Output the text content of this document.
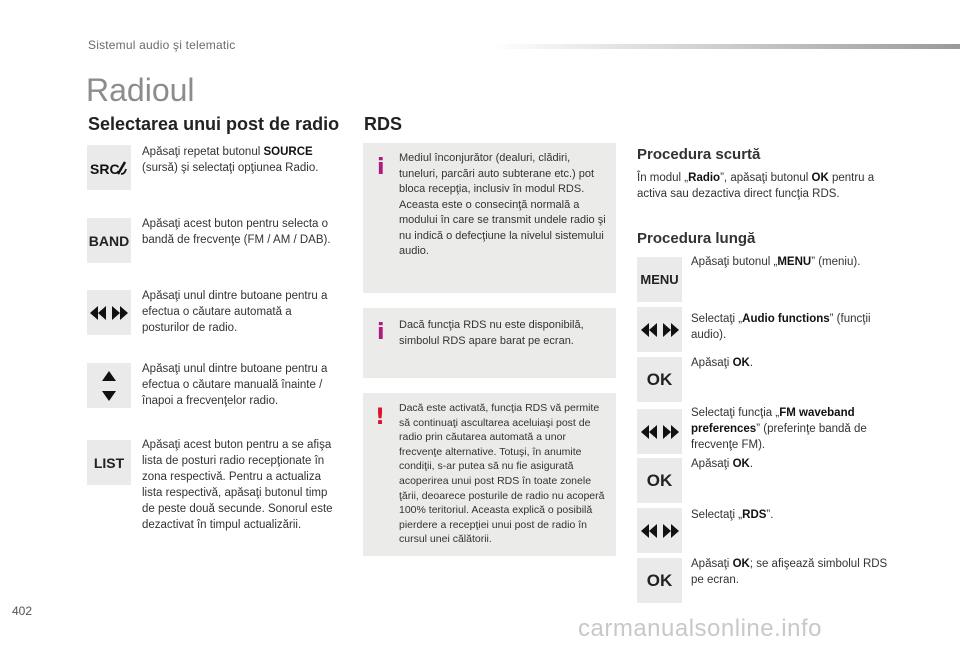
Sistemul audio şi telematic
Radioul
Selectarea unui post de radio
SRC
Apăsaţi repetat butonul SOURCE (sursă) şi selectaţi opţiunea Radio.
BAND
Apăsaţi acest buton pentru selecta o bandă de frecvenţe (FM / AM / DAB).
Apăsaţi unul dintre butoane pentru a efectua o căutare automată a posturilor de radio.
Apăsaţi unul dintre butoane pentru a efectua o căutare manuală înainte / înapoi a frecvenţelor radio.
LIST
Apăsaţi acest buton pentru a se afişa lista de posturi radio recepţionate în zona respectivă. Pentru a actualiza lista respectivă, apăsaţi butonul timp de peste două secunde. Sonorul este dezactivat în timpul actualizării.
RDS
i Mediul înconjurător (dealuri, clădiri, tuneluri, parcări auto subterane etc.) pot bloca recepţia, inclusiv în modul RDS. Aceasta este o consecinţă normală a modului în care se transmit undele radio şi nu indică o defecţiune la nivelul sistemului audio.
i Dacă funcţia RDS nu este disponibilă, simbolul RDS apare barat pe ecran.
! Dacă este activată, funcţia RDS vă permite să continuaţi ascultarea aceluiaşi post de radio prin căutarea automată a unor frecvenţe alternative. Totuşi, în anumite condiţii, s-ar putea să nu fie asigurată acoperirea unui post RDS în toate zonele ţării, deoarece posturile de radio nu acoperă 100% teritoriul. Aceasta explică o posibilă pierdere a recepţiei unui post de radio în cursul unei călătorii.
Procedura scurtă
În modul „Radio”, apăsaţi butonul OK pentru a activa sau dezactiva direct funcţia RDS.
Procedura lungă
MENU
Apăsaţi butonul „MENU” (meniu).
Selectaţi „Audio functions” (funcţii audio).
OK
Apăsaţi OK.
Selectaţi funcţia „FM waveband preferences” (preferinţe bandă de frecvenţe FM).
OK
Apăsaţi OK.
Selectaţi „RDS”.
OK
Apăsaţi OK; se afişează simbolul RDS pe ecran.
402
carmanualsonline.info
